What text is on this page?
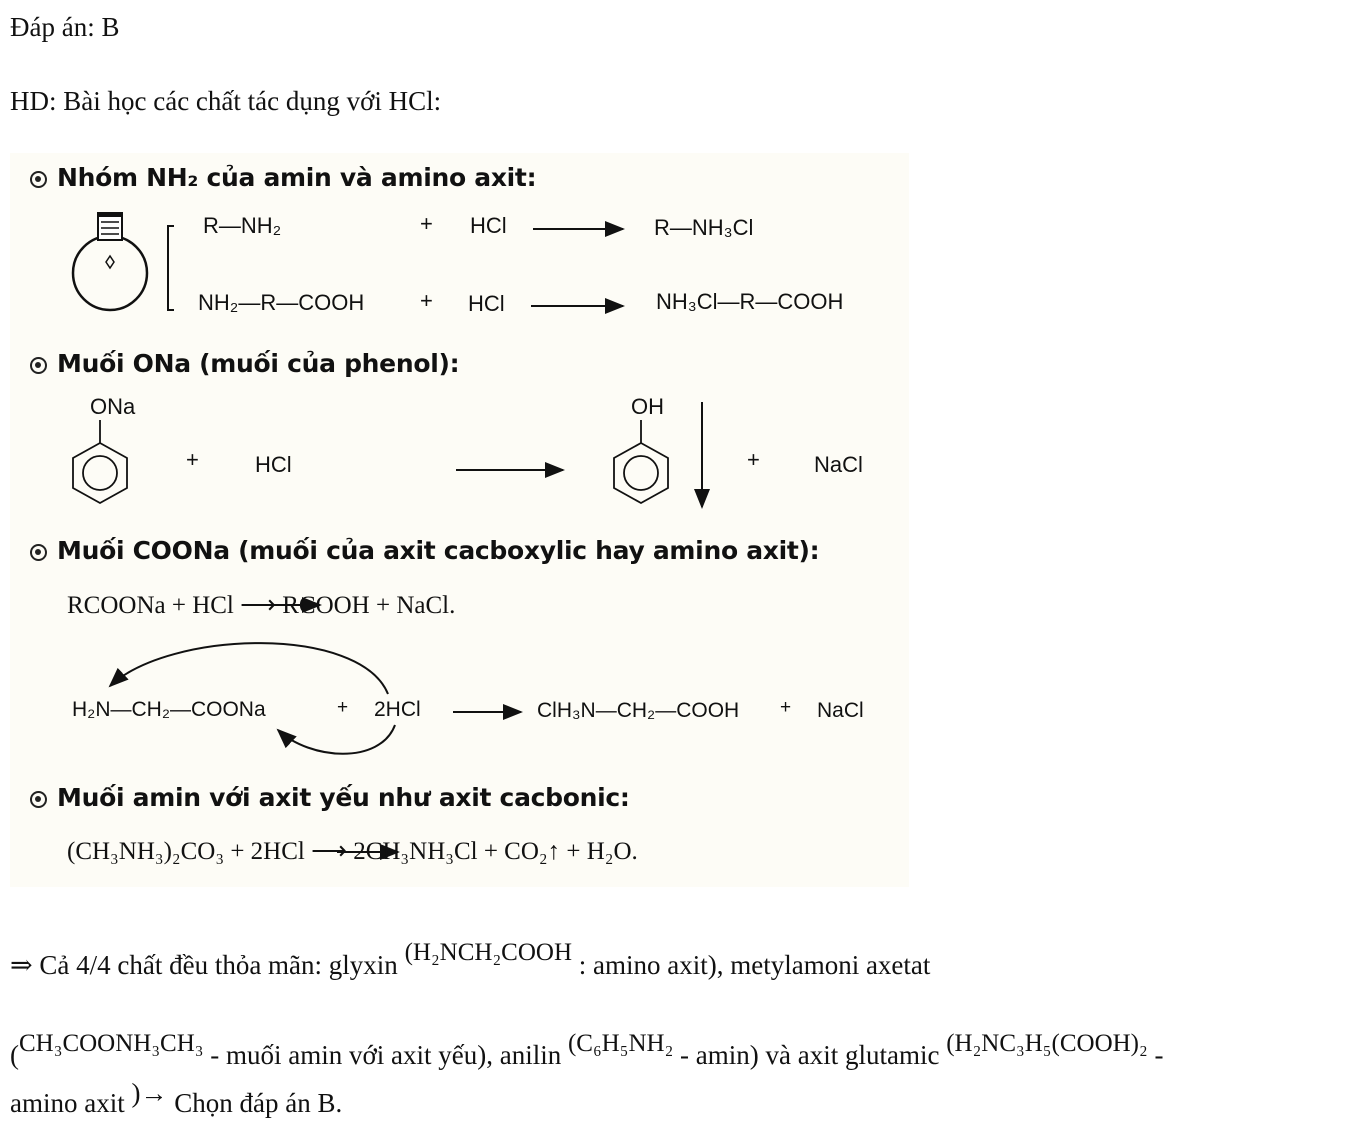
Đáp án: B
HD: Bài học các chất tác dụng với HCl:
Nhóm NH₂ của amin và amino axit:
R—NH₂	+ HCl	R—NH₃Cl
NH₂—R—COOH	+ HCl	NH₃Cl—R—COOH
Muối ONa (muối của phenol):
ONa
+	HCl
OH
+ NaCl
Muối COONa (muối của axit cacboxylic hay amino axit):
RCOONa + HCl ⟶ RCOOH + NaCl.
H₂N—CH₂—COONa	+ 2HCl	ClH₃N—CH₂—COOH + NaCl
Muối amin với axit yếu như axit cacbonic:
(CH₃NH₃)₂CO₃ + 2HCl ⟶ 2CH₃NH₃Cl + CO₂↑ + H₂O.
⇒ Cả 4/4 chất đều thỏa mãn: glyxin (H₂NCH₂COOH : amino axit), metylamoni axetat
(CH₃COONH₃CH₃ - muối amin với axit yếu), anilin (C₆H₅NH₂ - amin) và axit glutamic (H₂NC₃H₅(COOH)₂ -
amino axit )→ Chọn đáp án B.
